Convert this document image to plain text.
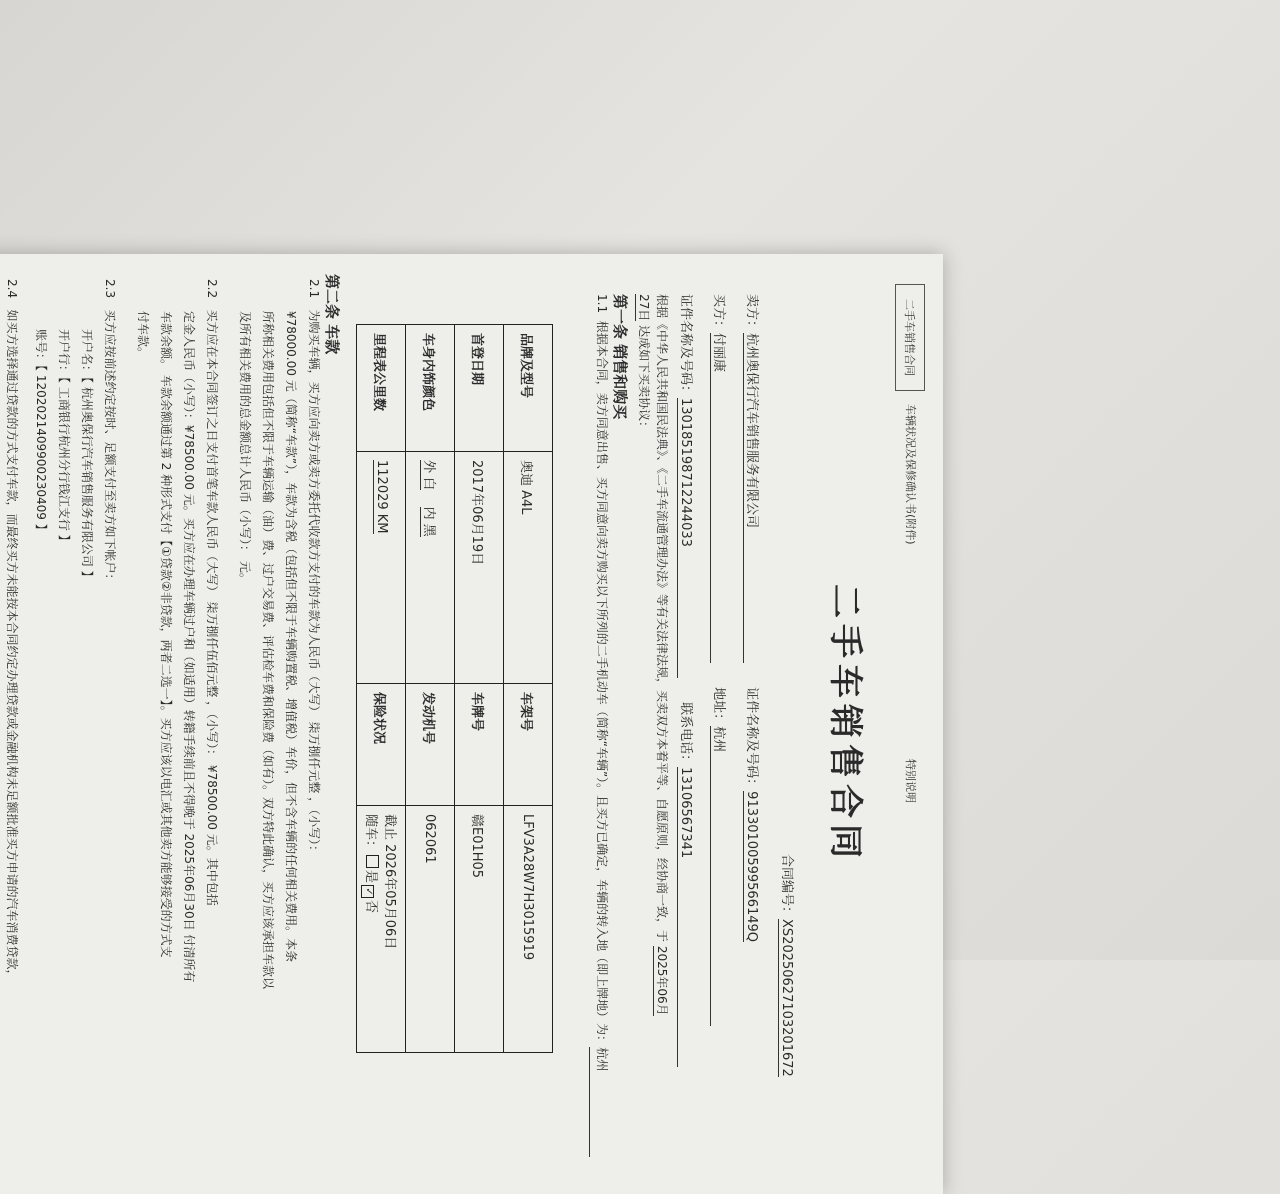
二手车销售合同
车辆状况及保修确认书(附件)
特别说明
二手车销售合同
合同编号：XS20250627103201672
卖方：杭州奥保行汽车销售服务有限公司 证件名称及号码：91330100599566149Q
买方：付丽康 地址：杭州
证件名称及号码：130185198712244033 联系电话：13106567341
根据《中华人民共和国民法典》、《二手车流通管理办法》等有关法律法规，买卖双方本着平等、自愿原则，经协商一致，于 2025年06月
27日 达成如下买卖协议：
第一条 销售和购买
1.1  根据本合同，卖方同意出售、买方同意向卖方购买以下所列的二手机动车（简称“车辆”）。且买方已确定，车辆的转入地（即上牌地）为：杭州
品牌及型号	奥迪 A4L	车架号	LFV3A28W7H3015919
首登日期	2017年06月19日	车牌号	赣E01H05
车身内饰颜色	外 白    内 黑	发动机号	062061
里程表公里数	112029 KM	保险状况	截止 2026年05月06日
随车：是✓否
第二条 车款
2.1   为购买车辆，买方应向卖方或卖方委托代收款方支付的车款为人民币（大写） 柒万捌仟元整 ，（小写）：
¥78000.00 元（简称“车款”），车款为含税（包括但不限于车辆购置税、增值税）车价，但不含车辆的任何相关费用。本条
所称相关费用包括但不限于车辆运输（油）费、过户交易费、评估检车费和保险费（如有）。双方特此确认，买方应该承担车款以
及所有相关费用的总金额总计人民币（小写）： 元。
2.2   买方应在本合同签订之日支付首笔车款人民币（大写） 柒万捌仟伍佰元整 ，（小写）： ¥78500.00 元。其中包括
定金人民币（小写）：¥78500.00 元。买方应在办理车辆过户和（如适用）转籍手续前且不得晚于 2025年06月30日 付清所有
车款余额。 车款余额通过第 2 种形式支付【①贷款②非贷款，两者二选一】。买方应该以电汇或其他卖方能够接受的方式支
付车款。
2.3   买方应按前述约定按时、足额支付至卖方如下帐户：
开户名：【 杭州奥保行汽车销售服务有限公司 】
开户行：【 工商银行杭州分行钱江支行 】
账号：【 1202021409900230409 】
2.4   如买方选择通过贷款的方式支付车款，而最终买方未能按本合同约定办理贷款或金融机构未足额批准买方申请的汽车消费贷款，
